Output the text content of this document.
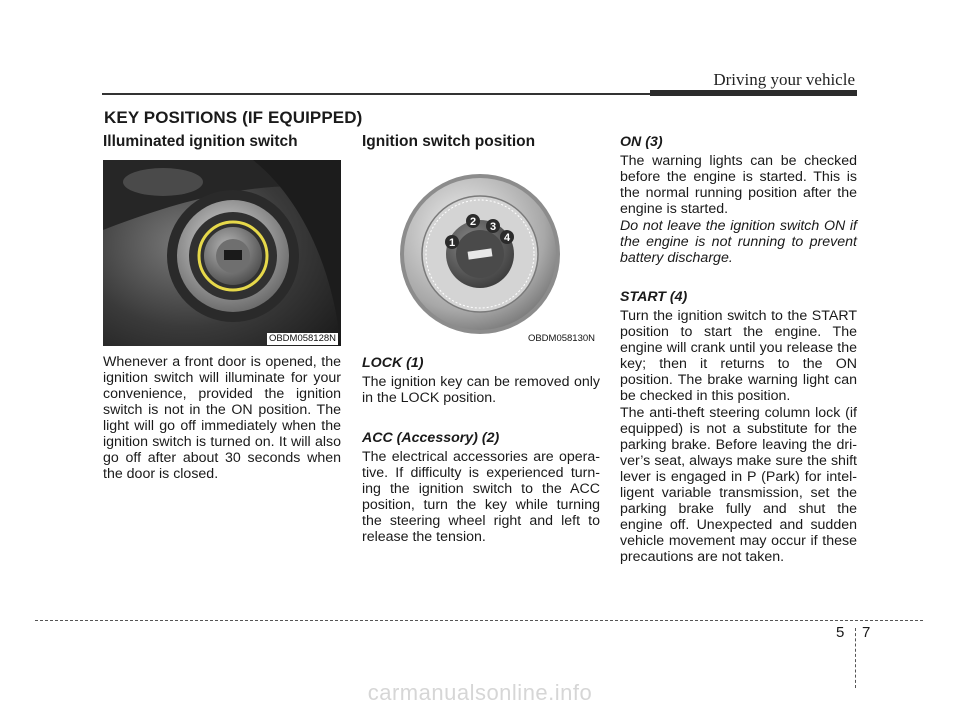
Driving your vehicle
KEY POSITIONS (IF EQUIPPED)
Illuminated ignition switch
OBDM058128N
Whenever a front door is opened, the ignition switch will illuminate for your convenience, provided the ignition switch is not in the ON position. The light will go off immediately when the ignition switch is turned on. It will also go off after about 30 seconds when the door is closed.
Ignition switch position
1
2 3
4
OBDM058130N
LOCK (1)
The ignition key can be removed only in the LOCK position.
ACC (Accessory) (2)
The electrical accessories are opera-tive. If difficulty is experienced turn-ing the ignition switch to the ACC position, turn the key while turning the steering wheel right and left to release the tension.
ON (3)
The warning lights can be checked before the engine is started. This is the normal running position after the engine is started.
Do not leave the ignition switch ON if the engine is not running to prevent battery discharge.
START (4)
Turn the ignition switch to the START position to start the engine. The engine will crank until you release the key; then it returns to the ON position. The brake warning light can be checked in this position.
The anti-theft steering column lock (if equipped) is not a substitute for the parking brake. Before leaving the dri-ver’s seat, always make sure the shift lever is engaged in P (Park) for intel-ligent variable transmission, set the parking brake fully and shut the engine off. Unexpected and sudden vehicle movement may occur if these precautions are not taken.
5 7
carmanualsonline.info
